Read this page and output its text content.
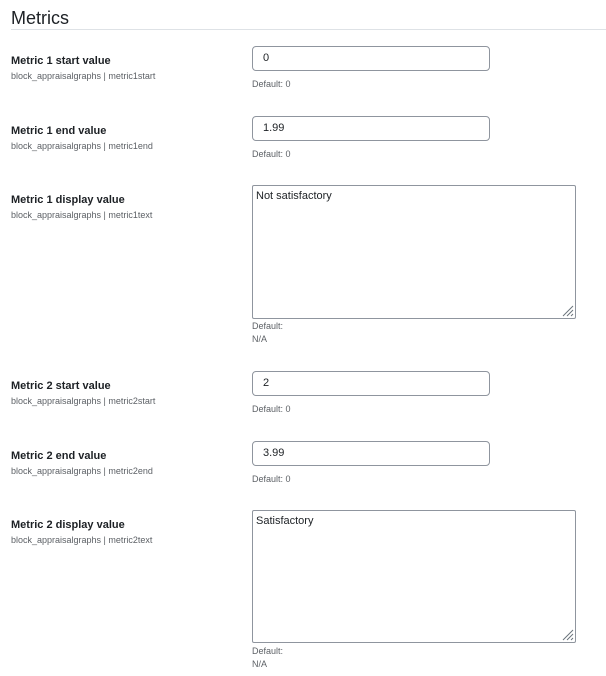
Metrics
Metric 1 start value
block_appraisalgraphs | metric1start
0
Default: 0
Metric 1 end value
block_appraisalgraphs | metric1end
1.99
Default: 0
Metric 1 display value
block_appraisalgraphs | metric1text
Not satisfactory
Default:
N/A
Metric 2 start value
block_appraisalgraphs | metric2start
2
Default: 0
Metric 2 end value
block_appraisalgraphs | metric2end
3.99
Default: 0
Metric 2 display value
block_appraisalgraphs | metric2text
Satisfactory
Default:
N/A
